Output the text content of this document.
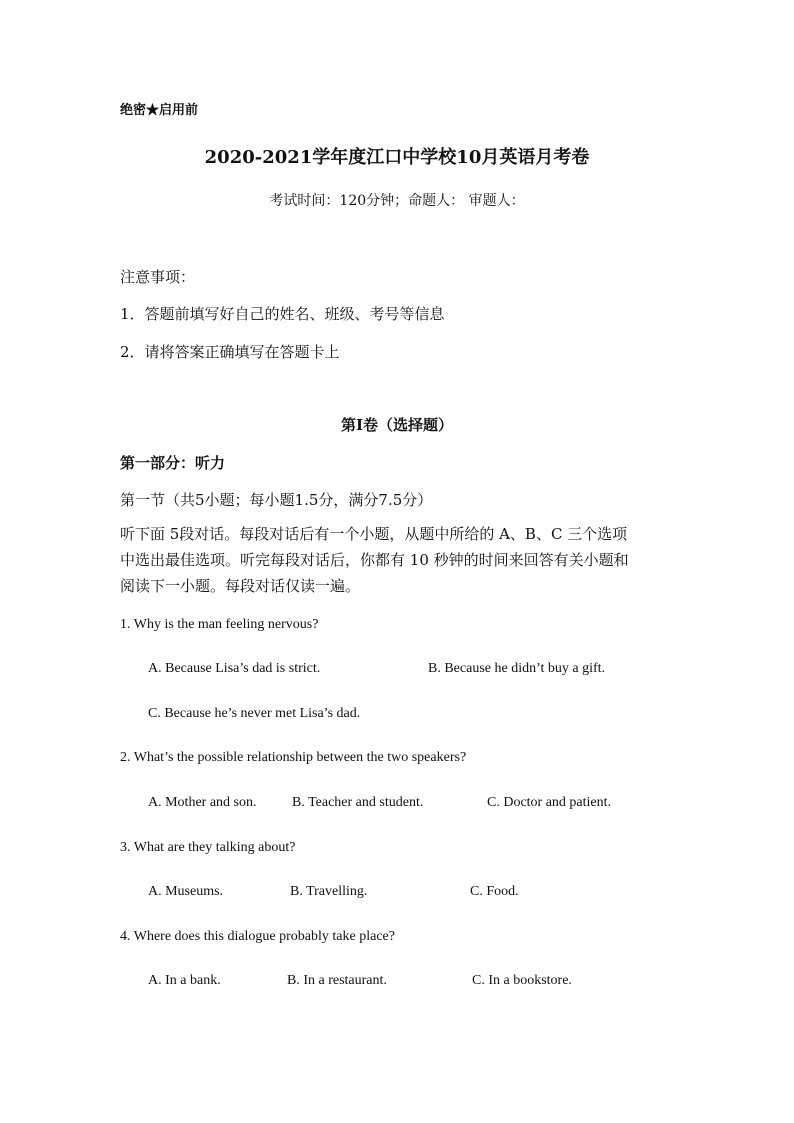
绝密★启用前
2020-2021学年度江口中学校10月英语月考卷
考试时间：120分钟；命题人： 审题人：
注意事项：
1．答题前填写好自己的姓名、班级、考号等信息
2．请将答案正确填写在答题卡上
第I卷（选择题）
第一部分：听力
第一节（共5小题；每小题1.5分，满分7.5分）
听下面 5段对话。每段对话后有一个小题，从题中所给的 A、B、C 三个选项
中选出最佳选项。听完每段对话后，你都有 10 秒钟的时间来回答有关小题和
阅读下一小题。每段对话仅读一遍。
1. Why is the man feeling nervous?
A. Because Lisa’s dad is strict.	B. Because he didn’t buy a gift.
C. Because he’s never met Lisa’s dad.
2. What’s the possible relationship between the two speakers?
A. Mother and son.	B. Teacher and student.	C. Doctor and patient.
3. What are they talking about?
A. Museums.	B. Travelling.	C. Food.
4. Where does this dialogue probably take place?
A. In a bank.	B. In a restaurant.	C. In a bookstore.
